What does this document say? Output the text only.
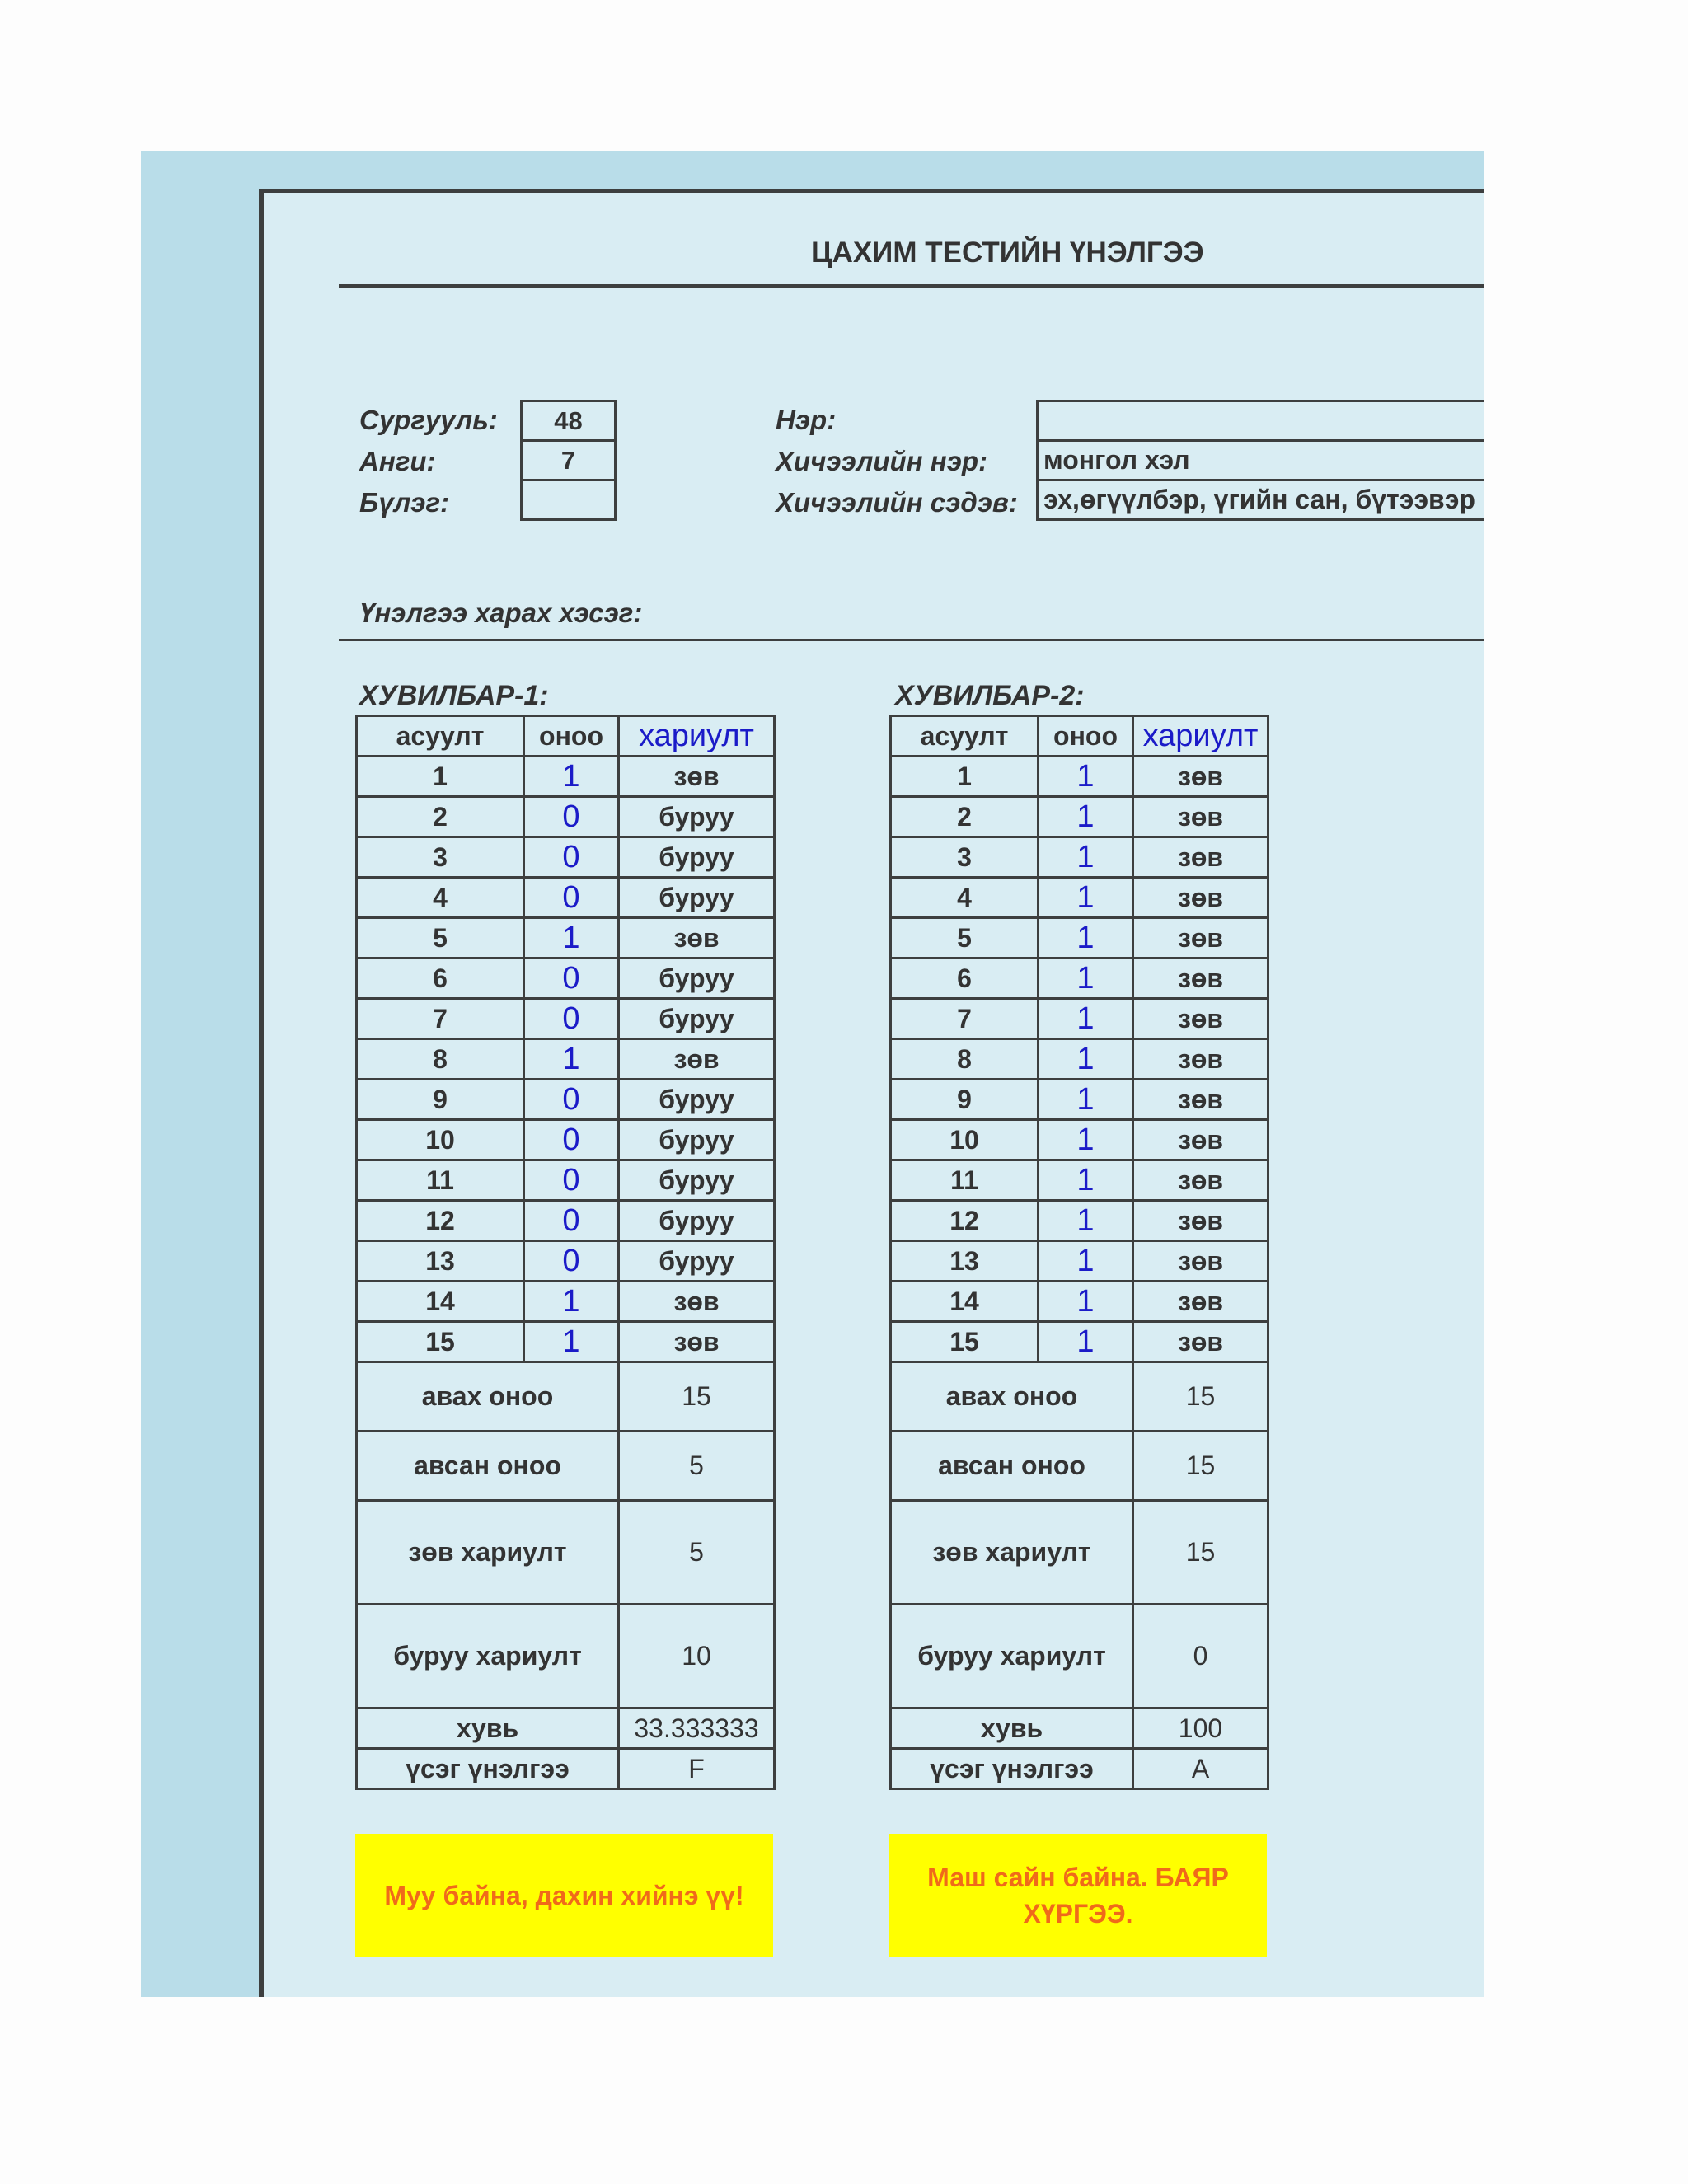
ЦАХИМ ТЕСТИЙН ҮНЭЛГЭЭ
Сургууль:	48
Анги:	7
Бүлэг:
Нэр:
Хичээлийн нэр: монгол хэл
Хичээлийн сэдэв: эх,өгүүлбэр, үгийн сан, бүтээвэр
Үнэлгээ харах хэсэг:
ХУВИЛБАР-1:
асуулт	оноо	хариулт
1	1	зөв
2	0	буруу
3	0	буруу
4	0	буруу
5	1	зөв
6	0	буруу
7	0	буруу
8	1	зөв
9	0	буруу
10	0	буруу
11	0	буруу
12	0	буруу
13	0	буруу
14	1	зөв
15	1	зөв
авах оноо		15
авсан оноо		5
зөв хариулт		5
буруу хариулт		10
хувь		33.333333
үсэг үнэлгээ		F
ХУВИЛБАР-2:
асуулт	оноо	хариулт
1	1	зөв
2	1	зөв
3	1	зөв
4	1	зөв
5	1	зөв
6	1	зөв
7	1	зөв
8	1	зөв
9	1	зөв
10	1	зөв
11	1	зөв
12	1	зөв
13	1	зөв
14	1	зөв
15	1	зөв
авах оноо		15
авсан оноо		15
зөв хариулт		15
буруу хариулт		0
хувь		100
үсэг үнэлгээ		A
Муу байна, дахин хийнэ үү!
Маш сайн байна. БАЯР ХҮРГЭЭ.
